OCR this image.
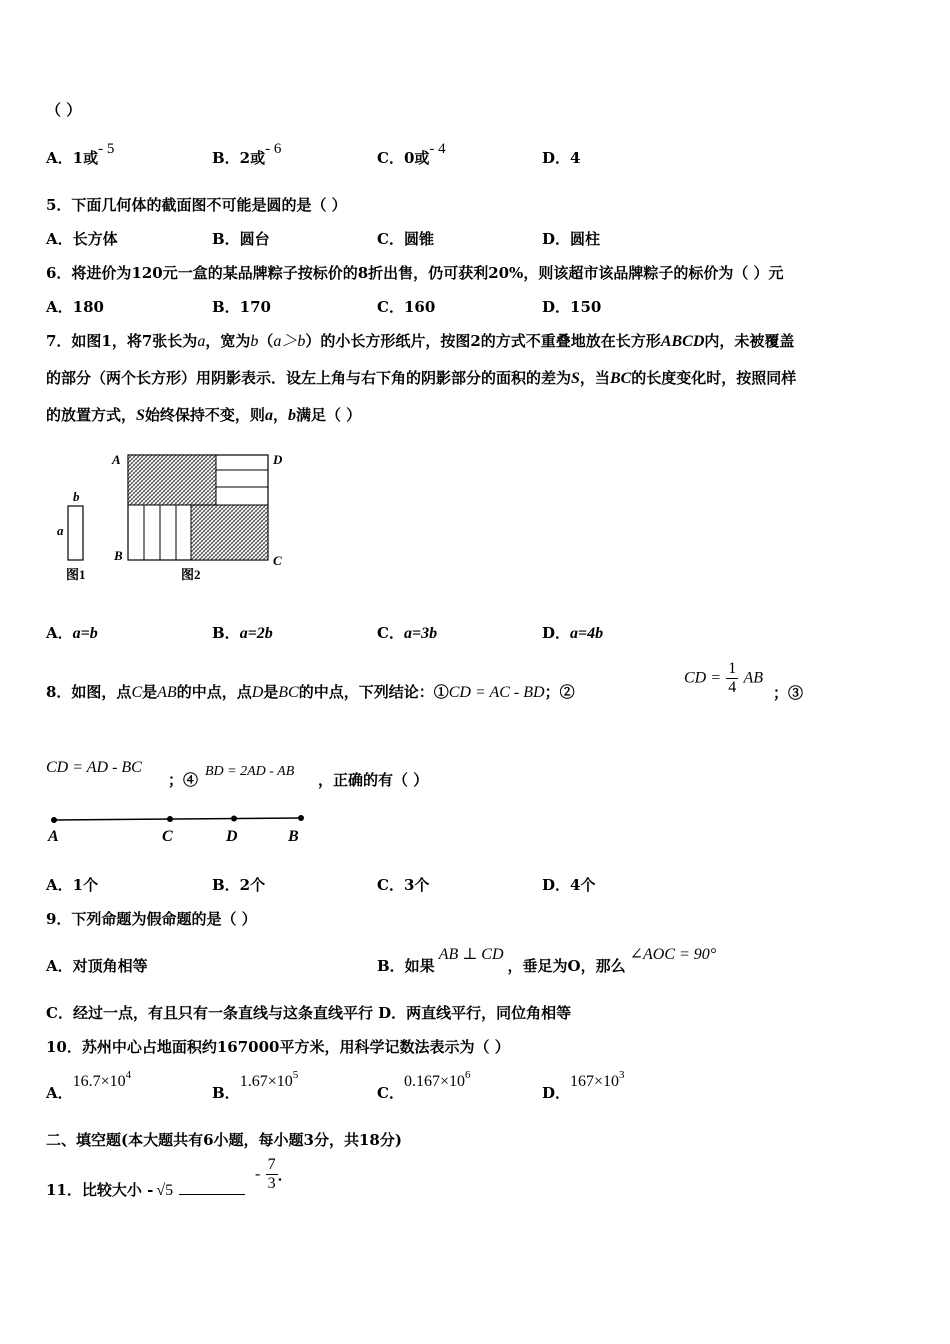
（ ）
A．1或- 5	B．2或- 6	C．0或- 4	D．4
5．下面几何体的截面图不可能是圆的是（ ）
A．长方体	B．圆台	C．圆锥	D．圆柱
6．将进价为120元一盒的某品牌粽子按标价的8折出售，仍可获利20%，则该超市该品牌粽子的标价为（ ）元
A．180	B．170	C．160	D．150
7．如图1，将7张长为a，宽为b（a＞b）的小长方形纸片，按图2的方式不重叠地放在长方形ABCD内，未被覆盖
的部分（两个长方形）用阴影表示．设左上角与右下角的阴影部分的面积的差为S，当BC的长度变化时，按照同样
的放置方式，S始终保持不变，则a，b满足（ ）
a
b
图1
A	D
B	C
图2
A．a=b	B．a=2b	C．a=3b	D．a=4b
8．如图，点C是AB的中点，点D是BC的中点，下列结论：①CD = AC - BD；②
CD = $\frac{1}{4}$ AB
；③
CD = AD - BC
；④ BD = 2AD - AB ，正确的有（ ）
A	C	D	B
A．1个	B．2个	C．3个	D．4个
9．下列命题为假命题的是（ ）
A．对顶角相等	B．如果AB ⊥ CD，垂足为O，那么∠AOC = 90°
C．经过一点，有且只有一条直线与这条直线平行 D．两直线平行，同位角相等
10．苏州中心占地面积约167000平方米，用科学记数法表示为（ ）
A．$16.7\times 10^4$
B．$1.67\times 10^5$
C．$0.167\times 10^6$
D．$167\times 10^3$
二、填空题(本大题共有6小题，每小题3分，共18分)
11．比较大小 - √5
- $\frac{7}{3}$ ．
